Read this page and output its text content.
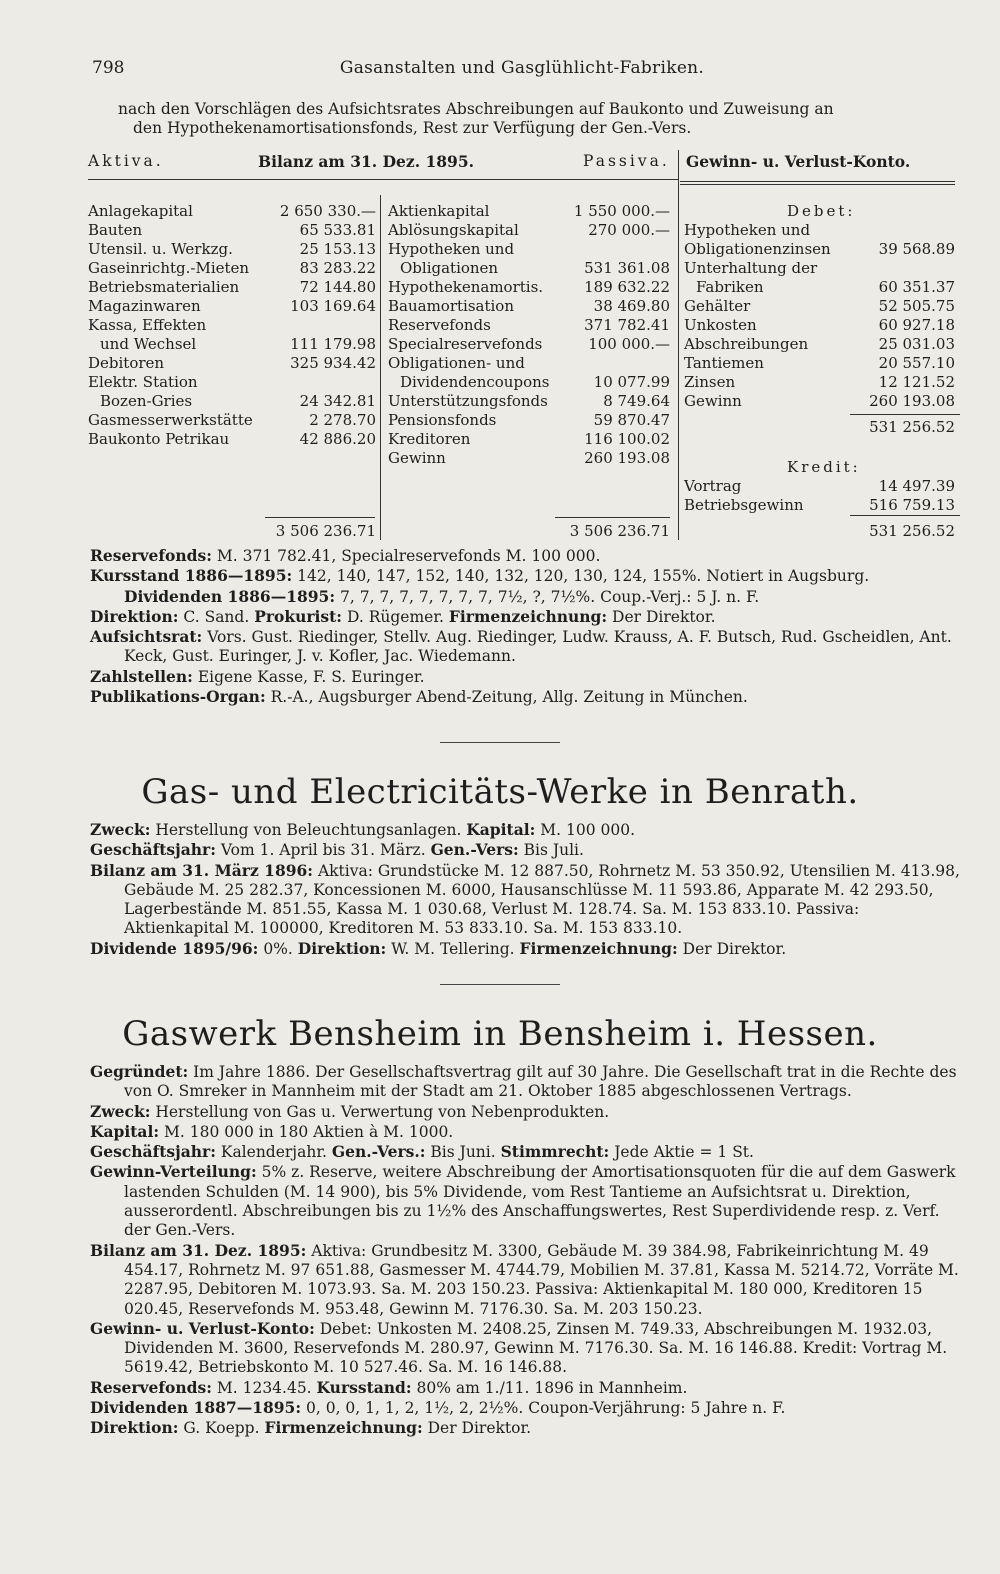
798	Gasanstalten und Gasglühlicht-Fabriken.
nach den Vorschlägen des Aufsichtsrates Abschreibungen auf Baukonto und Zuweisung an
den Hypothekenamortisationsfonds, Rest zur Verfügung der Gen.-Vers.
Aktiva.	Bilanz am 31. Dez. 1895.	Passiva. Gewinn- u. Verlust-Konto.
Anlagekapital	2 650 330.—
Bauten	65 533.81
Utensil. u. Werkzg.	25 153.13
Gaseinrichtg.-Mieten	83 283.22
Betriebsmaterialien	72 144.80
Magazinwaren	103 169.64
Kassa, Effekten
und Wechsel	111 179.98
Debitoren	325 934.42
Elektr. Station
Bozen-Gries	24 342.81
Gasmesserwerkstätte	2 278.70
Baukonto Petrikau	42 886.20
3 506 236.71
Aktienkapital	1 550 000.—
Ablösungskapital	270 000.—
Hypotheken und
Obligationen	531 361.08
Hypothekenamortis.	189 632.22
Bauamortisation	38 469.80
Reservefonds	371 782.41
Specialreservefonds	100 000.—
Obligationen- und
Dividendencoupons	10 077.99
Unterstützungsfonds	8 749.64
Pensionsfonds	59 870.47
Kreditoren	116 100.02
Gewinn	260 193.08
3 506 236.71
Debet:
Hypotheken und
Obligationenzinsen	39 568.89
Unterhaltung der
Fabriken	60 351.37
Gehälter	52 505.75
Unkosten	60 927.18
Abschreibungen	25 031.03
Tantiemen	20 557.10
Zinsen	12 121.52
Gewinn	260 193.08
531 256.52
Kredit:
Vortrag	14 497.39
Betriebsgewinn	516 759.13
531 256.52

Reservefonds: M. 371 782.41, Specialreservefonds M. 100 000.

Kursstand 1886—1895: 142, 140, 147, 152, 140, 132, 120, 130, 124, 155%. Notiert in Augsburg. Dividenden 1886—1895: 7, 7, 7, 7, 7, 7, 7, 7, 7½, ?, 7½%. Coup.-Verj.: 5 J. n. F.

Direktion: C. Sand. Prokurist: D. Rügemer. Firmenzeichnung: Der Direktor.

Aufsichtsrat: Vors. Gust. Riedinger, Stellv. Aug. Riedinger, Ludw. Krauss, A. F. Butsch, Rud. Gscheidlen, Ant. Keck, Gust. Euringer, J. v. Kofler, Jac. Wiedemann.

Zahlstellen: Eigene Kasse, F. S. Euringer.

Publikations-Organ: R.-A., Augsburger Abend-Zeitung, Allg. Zeitung in München.

Gas- und Electricitäts-Werke in Benrath.

Zweck: Herstellung von Beleuchtungsanlagen. Kapital: M. 100 000.

Geschäftsjahr: Vom 1. April bis 31. März. Gen.-Vers: Bis Juli.

Bilanz am 31. März 1896: Aktiva: Grundstücke M. 12 887.50, Rohrnetz M. 53 350.92, Utensilien M. 413.98, Gebäude M. 25 282.37, Koncessionen M. 6000, Hausanschlüsse M. 11 593.86, Apparate M. 42 293.50, Lagerbestände M. 851.55, Kassa M. 1 030.68, Verlust M. 128.74. Sa. M. 153 833.10. Passiva: Aktienkapital M. 100000, Kreditoren M. 53 833.10. Sa. M. 153 833.10.

Dividende 1895/96: 0%. Direktion: W. M. Tellering. Firmenzeichnung: Der Direktor.

Gaswerk Bensheim in Bensheim i. Hessen.

Gegründet: Im Jahre 1886. Der Gesellschaftsvertrag gilt auf 30 Jahre. Die Gesellschaft trat in die Rechte des von O. Smreker in Mannheim mit der Stadt am 21. Oktober 1885 abgeschlossenen Vertrags.

Zweck: Herstellung von Gas u. Verwertung von Nebenprodukten.

Kapital: M. 180 000 in 180 Aktien à M. 1000.

Geschäftsjahr: Kalenderjahr. Gen.-Vers.: Bis Juni. Stimmrecht: Jede Aktie = 1 St.

Gewinn-Verteilung: 5% z. Reserve, weitere Abschreibung der Amortisationsquoten für die auf dem Gaswerk lastenden Schulden (M. 14 900), bis 5% Dividende, vom Rest Tantieme an Aufsichtsrat u. Direktion, ausserordentl. Abschreibungen bis zu 1½% des Anschaffungswertes, Rest Superdividende resp. z. Verf. der Gen.-Vers.

Bilanz am 31. Dez. 1895: Aktiva: Grundbesitz M. 3300, Gebäude M. 39 384.98, Fabrikeinrichtung M. 49 454.17, Rohrnetz M. 97 651.88, Gasmesser M. 4744.79, Mobilien M. 37.81, Kassa M. 5214.72, Vorräte M. 2287.95, Debitoren M. 1073.93. Sa. M. 203 150.23. Passiva: Aktienkapital M. 180 000, Kreditoren 15 020.45, Reservefonds M. 953.48, Gewinn M. 7176.30. Sa. M. 203 150.23.

Gewinn- u. Verlust-Konto: Debet: Unkosten M. 2408.25, Zinsen M. 749.33, Abschreibungen M. 1932.03, Dividenden M. 3600, Reservefonds M. 280.97, Gewinn M. 7176.30. Sa. M. 16 146.88. Kredit: Vortrag M. 5619.42, Betriebskonto M. 10 527.46. Sa. M. 16 146.88.

Reservefonds: M. 1234.45. Kursstand: 80% am 1./11. 1896 in Mannheim.

Dividenden 1887—1895: 0, 0, 0, 1, 1, 2, 1½, 2, 2½%. Coupon-Verjährung: 5 Jahre n. F.

Direktion: G. Koepp. Firmenzeichnung: Der Direktor.
